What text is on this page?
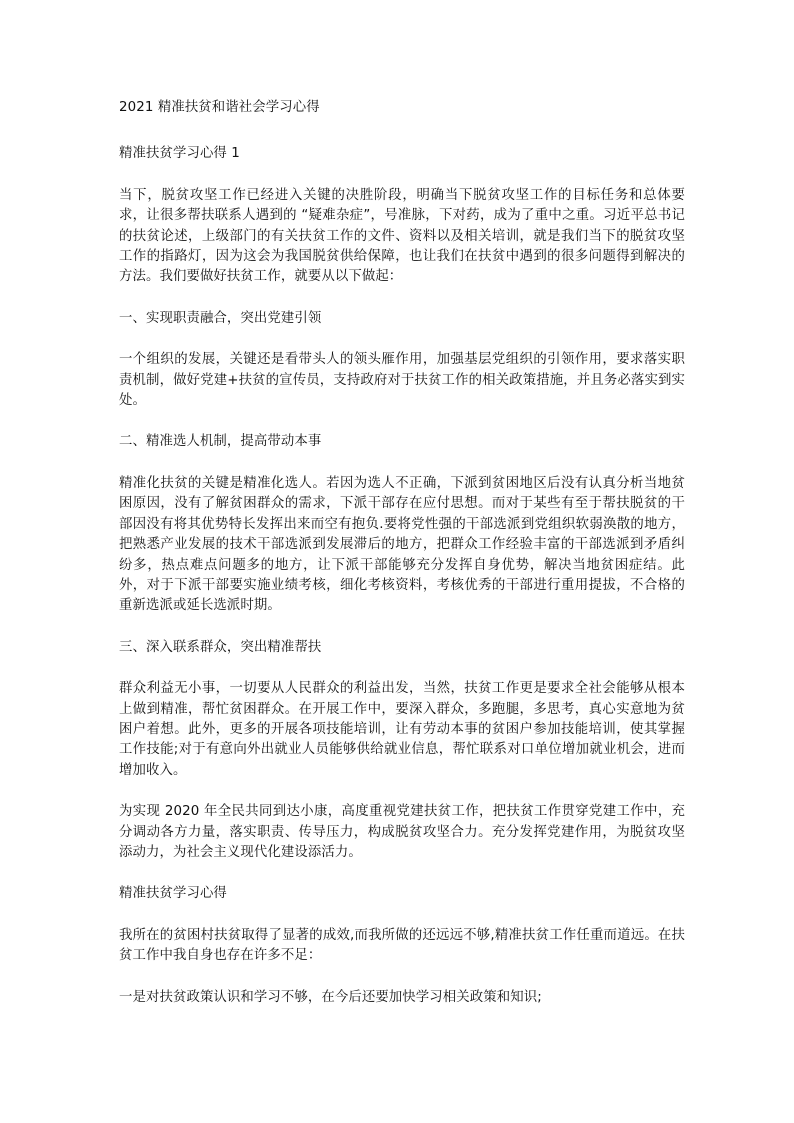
2021 精准扶贫和谐社会学习心得

精准扶贫学习心得 1

当下，脱贫攻坚工作已经进入关键的决胜阶段，明确当下脱贫攻坚工作的目标任务和总体要求，让很多帮扶联系人遇到的 “疑难杂症”，号准脉，下对药，成为了重中之重。习近平总书记的扶贫论述，上级部门的有关扶贫工作的文件、资料以及相关培训，就是我们当下的脱贫攻坚工作的指路灯，因为这会为我国脱贫供给保障，也让我们在扶贫中遇到的很多问题得到解决的方法。我们要做好扶贫工作，就要从以下做起：

一、实现职责融合，突出党建引领

一个组织的发展，关键还是看带头人的领头雁作用，加强基层党组织的引领作用，要求落实职责机制，做好党建+扶贫的宣传员，支持政府对于扶贫工作的相关政策措施，并且务必落实到实处。

二、精准选人机制，提高带动本事

精准化扶贫的关键是精准化选人。若因为选人不正确，下派到贫困地区后没有认真分析当地贫困原因，没有了解贫困群众的需求，下派干部存在应付思想。而对于某些有至于帮扶脱贫的干部因没有将其优势特长发挥出来而空有抱负.要将党性强的干部选派到党组织软弱涣散的地方，把熟悉产业发展的技术干部选派到发展滞后的地方，把群众工作经验丰富的干部选派到矛盾纠纷多，热点难点问题多的地方，让下派干部能够充分发挥自身优势，解决当地贫困症结。此外，对于下派干部要实施业绩考核，细化考核资料，考核优秀的干部进行重用提拔，不合格的重新选派或延长选派时期。

三、深入联系群众，突出精准帮扶

群众利益无小事，一切要从人民群众的利益出发，当然，扶贫工作更是要求全社会能够从根本上做到精准，帮忙贫困群众。在开展工作中，要深入群众，多跑腿，多思考，真心实意地为贫困户着想。此外，更多的开展各项技能培训，让有劳动本事的贫困户参加技能培训，使其掌握工作技能;对于有意向外出就业人员能够供给就业信息，帮忙联系对口单位增加就业机会，进而增加收入。

为实现 2020 年全民共同到达小康，高度重视党建扶贫工作，把扶贫工作贯穿党建工作中，充分调动各方力量，落实职责、传导压力，构成脱贫攻坚合力。充分发挥党建作用，为脱贫攻坚添动力，为社会主义现代化建设添活力。

精准扶贫学习心得

我所在的贫困村扶贫取得了显著的成效,而我所做的还远远不够,精准扶贫工作任重而道远。在扶贫工作中我自身也存在许多不足：

一是对扶贫政策认识和学习不够，在今后还要加快学习相关政策和知识;
